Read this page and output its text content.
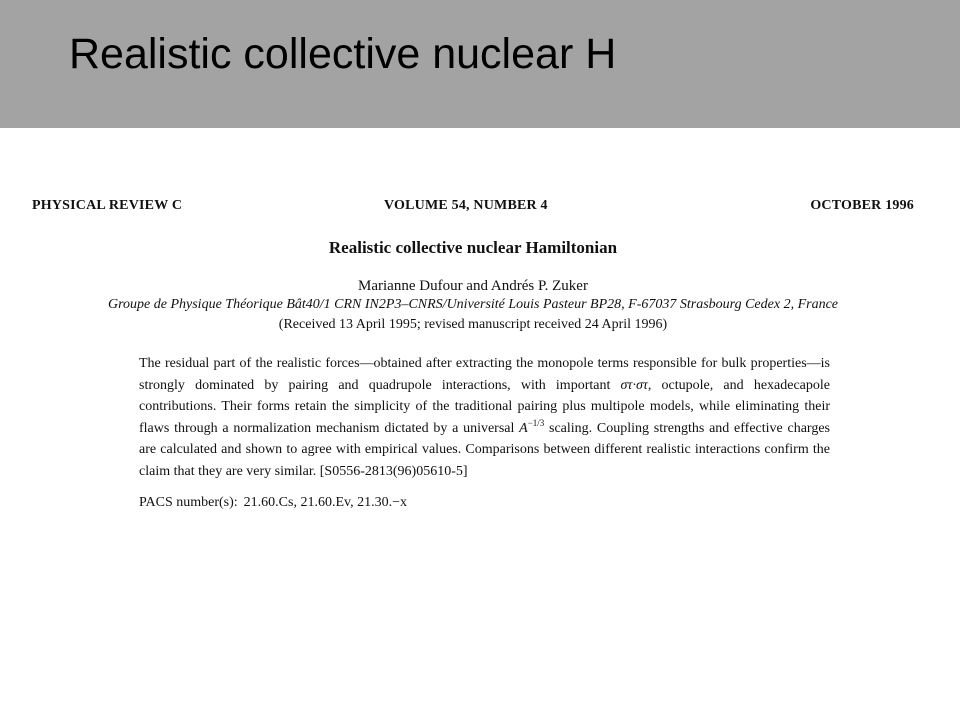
Realistic collective nuclear H
PHYSICAL REVIEW C	VOLUME 54, NUMBER 4	OCTOBER 1996
Realistic collective nuclear Hamiltonian
Marianne Dufour and Andrés P. Zuker
Groupe de Physique Théorique Bât40/1 CRN IN2P3–CNRS/Université Louis Pasteur BP28, F-67037 Strasbourg Cedex 2, France
(Received 13 April 1995; revised manuscript received 24 April 1996)

The residual part of the realistic forces—obtained after extracting the monopole terms responsible for bulk properties—is strongly dominated by pairing and quadrupole interactions, with important στ·στ, octupole, and hexadecapole contributions. Their forms retain the simplicity of the traditional pairing plus multipole models, while eliminating their flaws through a normalization mechanism dictated by a universal $A^{-1/3}$ scaling. Coupling strengths and effective charges are calculated and shown to agree with empirical values. Comparisons between different realistic interactions confirm the claim that they are very similar. [S0556-2813(96)05610-5]

PACS number(s): 21.60.Cs, 21.60.Ev, 21.30.−x
